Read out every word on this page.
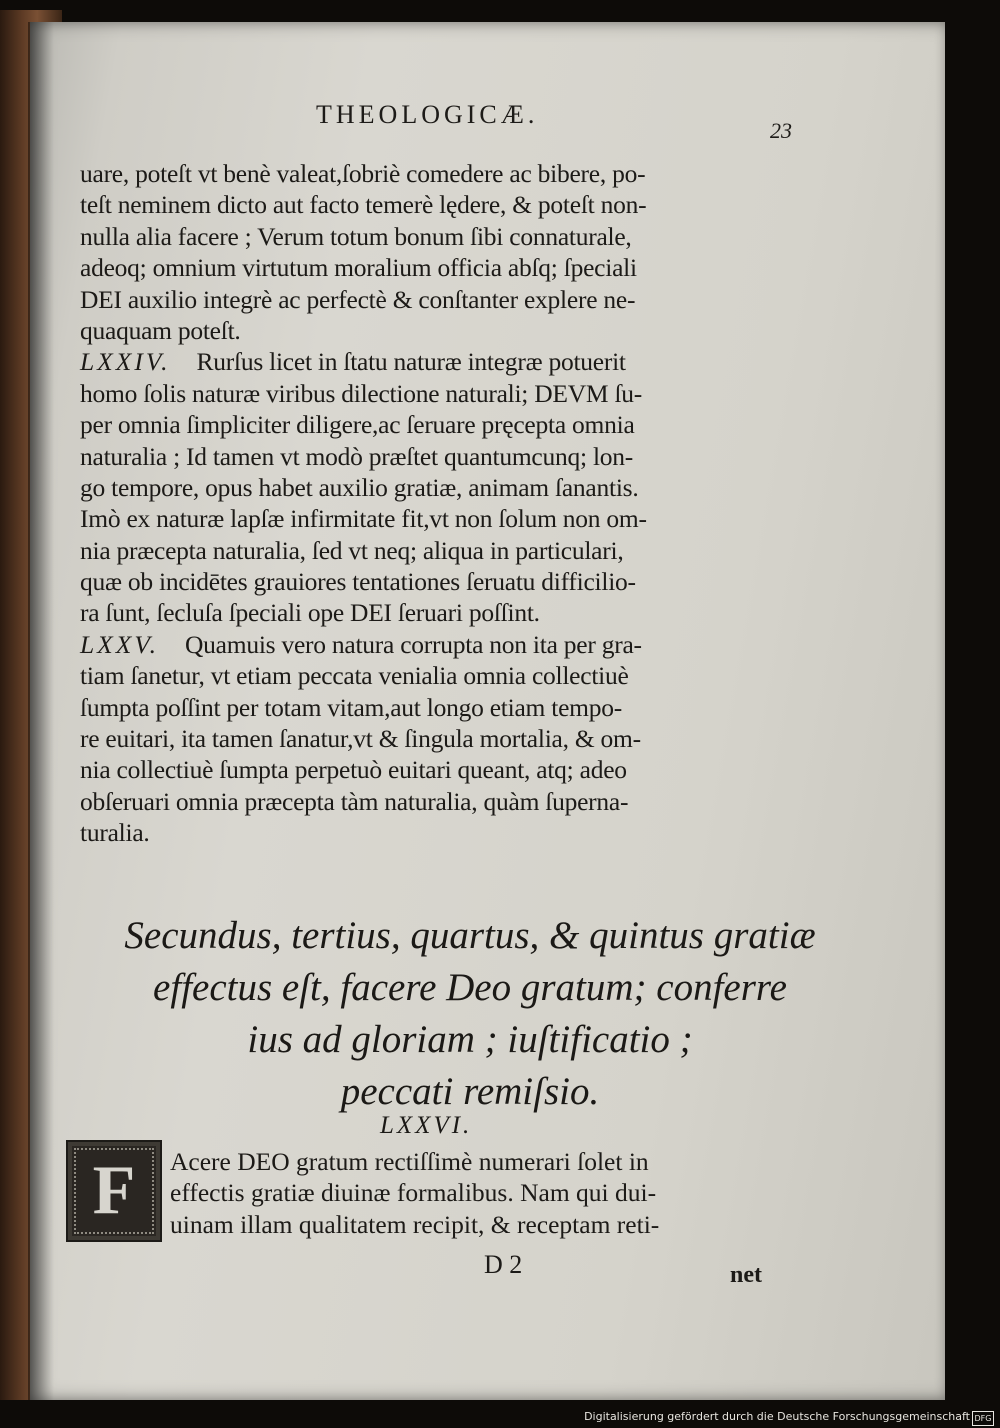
THEOLOGICÆ.
23
uare, poteſt vt benè valeat,ſobriè comedere ac bibere, po-
teſt neminem dicto aut facto temerè lędere, & poteſt non-
nulla alia facere ; Verum totum bonum ſibi connaturale,
adeoq; omnium virtutum moralium officia abſq; ſpeciali
DEI auxilio integrè ac perfectè & conſtanter explere ne-
quaquam poteſt.
LXXIV. Rurſus licet in ſtatu naturæ integræ potuerit
homo ſolis naturæ viribus dilectione naturali; DEVM ſu-
per omnia ſimpliciter diligere,ac ſeruare pręcepta omnia
naturalia ; Id tamen vt modò præſtet quantumcunq; lon-
go tempore, opus habet auxilio gratiæ, animam ſanantis.
Imò ex naturæ lapſæ infirmitate fit,vt non ſolum non om-
nia præcepta naturalia, ſed vt neq; aliqua in particulari,
quæ ob incidētes grauiores tentationes ſeruatu difficilio-
ra ſunt, ſecluſa ſpeciali ope DEI ſeruari poſſint.
LXXV. Quamuis vero natura corrupta non ita per gra-
tiam ſanetur, vt etiam peccata venialia omnia collectiuè
ſumpta poſſint per totam vitam,aut longo etiam tempo-
re euitari, ita tamen ſanatur,vt & ſingula mortalia, & om-
nia collectiuè ſumpta perpetuò euitari queant, atq; adeo
obſeruari omnia præcepta tàm naturalia, quàm ſuperna-
turalia.
Secundus, tertius, quartus, & quintus gratiæ
effectus eſt, facere Deo gratum; conferre
ius ad gloriam ; iuſtificatio ;
peccati remiſsio.
LXXVI.
F	Acere DEO gratum rectiſſimè numerari ſolet in
effectis gratiæ diuinæ formalibus. Nam qui dui-
uinam illam qualitatem recipit, & receptam reti-
D 2	net
Digitalisierung gefördert durch die Deutsche Forschungsgemeinschaft DFG
